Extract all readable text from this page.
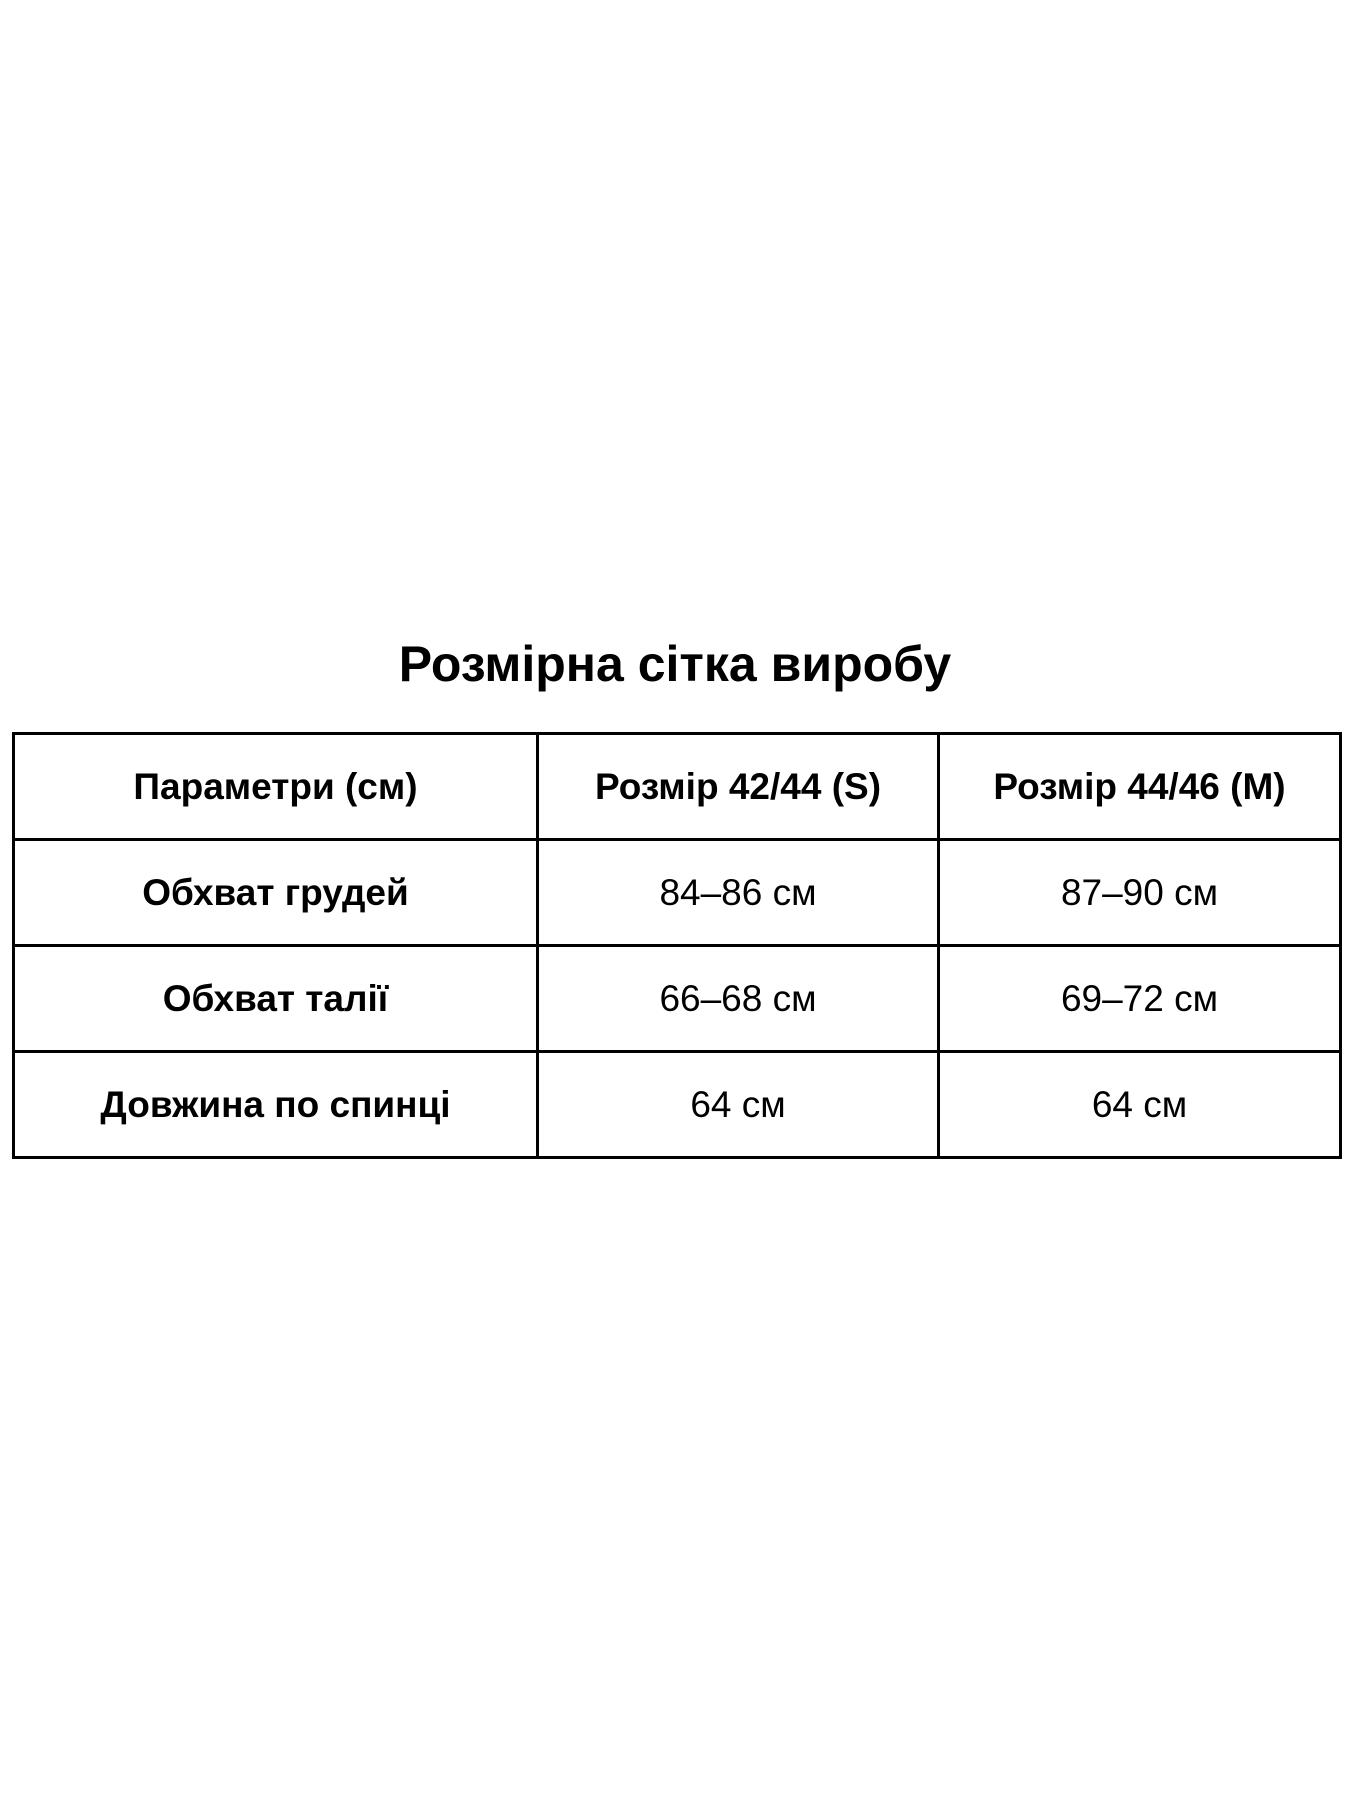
Розмірна сітка виробу
Параметри (см)	Розмір 42/44 (S)	Розмір 44/46 (M)
Обхват грудей	84–86 см	87–90 см
Обхват талії	66–68 см	69–72 см
Довжина по спинці	64 см	64 см
